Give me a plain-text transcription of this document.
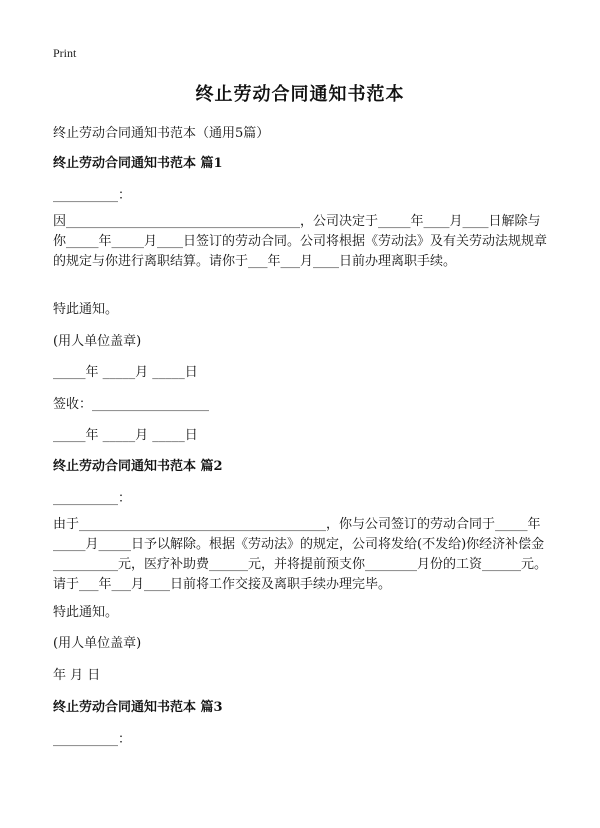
Print
终止劳动合同通知书范本

终止劳动合同通知书范本（通用5篇）

终止劳动合同通知书范本 篇1

__________：

因____________________________________，公司决定于_____年____月____日解除与你_____年_____月____日签订的劳动合同。公司将根据《劳动法》及有关劳动法规规章的规定与你进行离职结算。请你于___年___月____日前办理离职手续。

特此通知。

(用人单位盖章)

_____年 _____月 _____日

签收：__________________

_____年 _____月 _____日

终止劳动合同通知书范本 篇2

__________：

由于______________________________________，你与公司签订的劳动合同于_____年_____月_____日予以解除。根据《劳动法》的规定，公司将发给(不发给)你经济补偿金__________元，医疗补助费______元，并将提前预支你________月份的工资______元。请于___年___月____日前将工作交接及离职手续办理完毕。

特此通知。

(用人单位盖章)

年 月 日

终止劳动合同通知书范本 篇3

__________：
